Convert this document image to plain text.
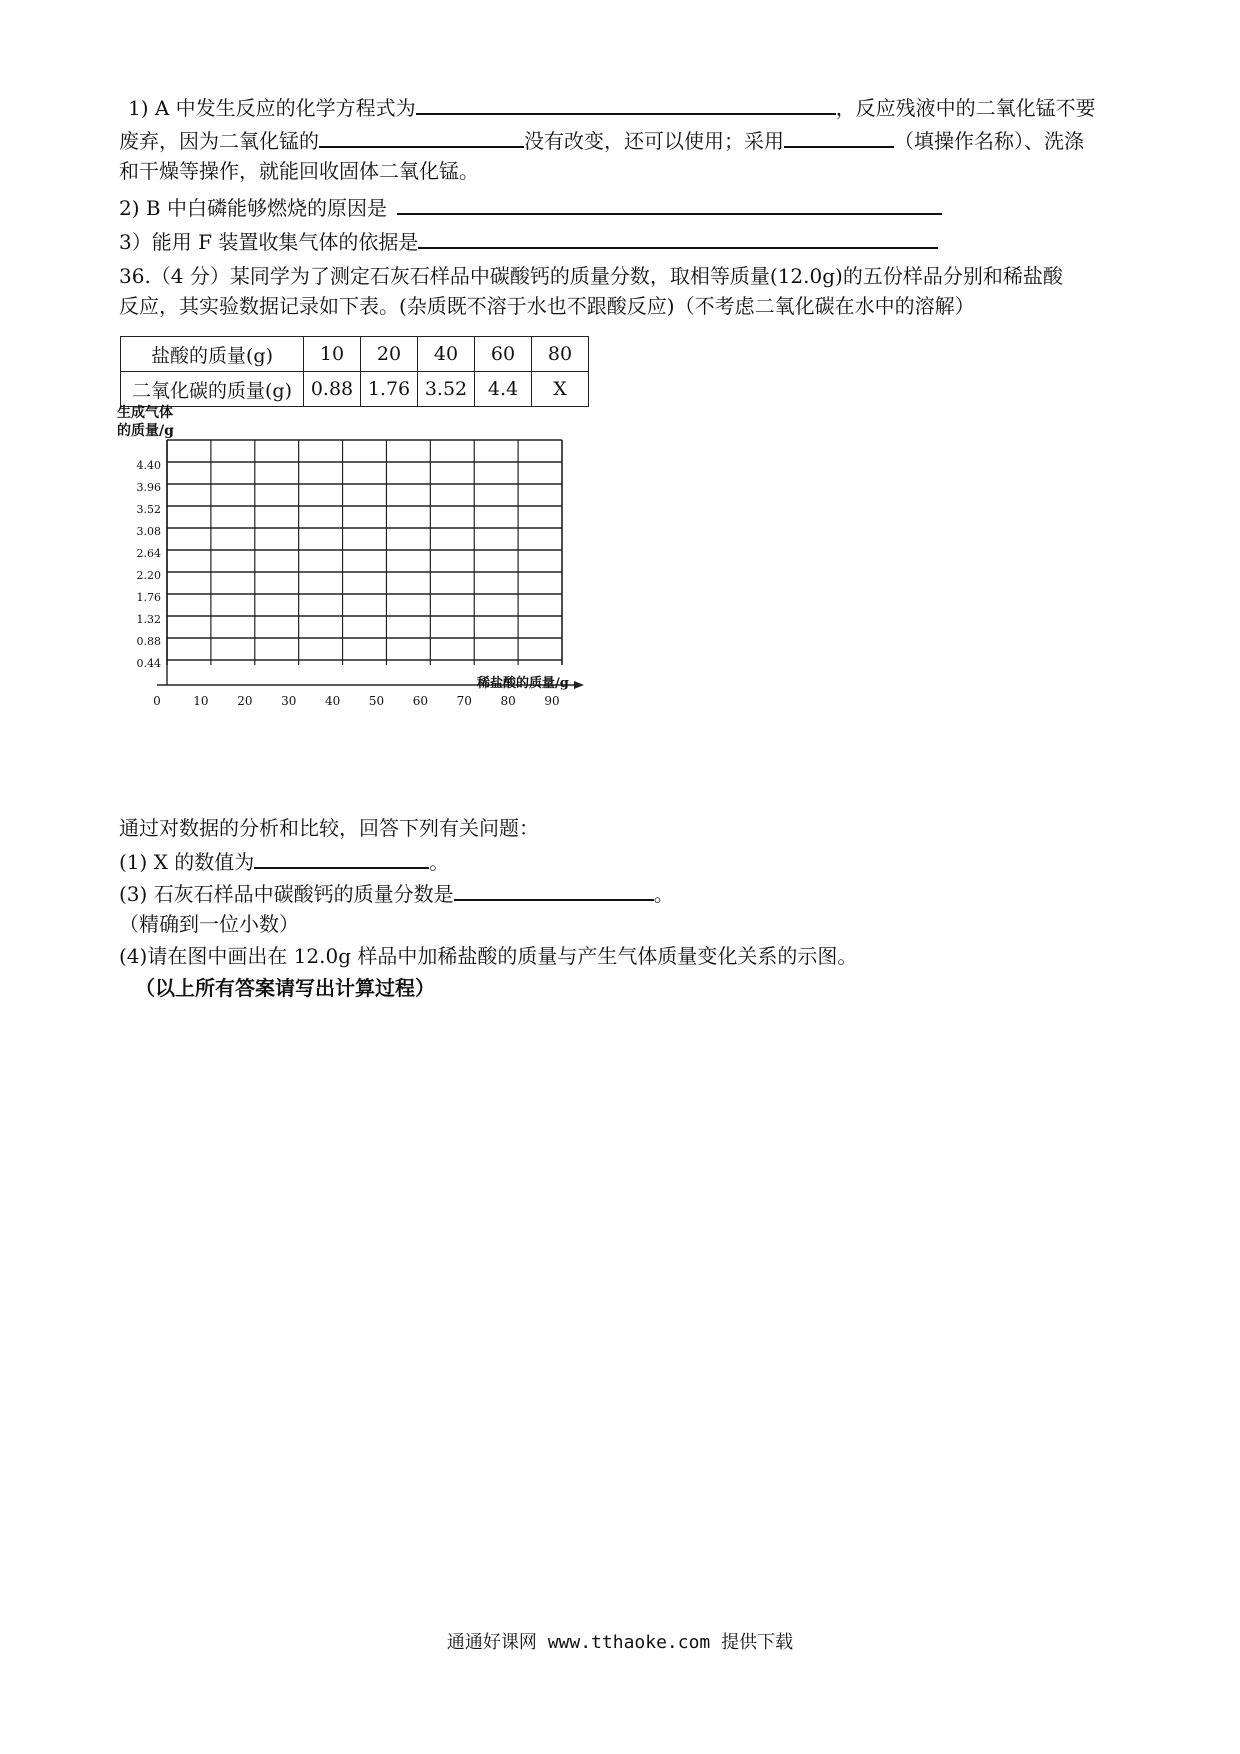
1) A 中发生反应的化学方程式为	，反应残液中的二氧化锰不要
废弃，因为二氧化锰的	没有改变，还可以使用；采用	（填操作名称）、洗涤
和干燥等操作，就能回收固体二氧化锰。
2) B 中白磷能够燃烧的原因是
3）能用 F 装置收集气体的依据是
36.（4 分）某同学为了测定石灰石样品中碳酸钙的质量分数，取相等质量(12.0g)的五份样品分别和稀盐酸
反应，其实验数据记录如下表。(杂质既不溶于水也不跟酸反应)（不考虑二氧化碳在水中的溶解）
盐酸的质量(g)	10	20	40	60	80
二氧化碳的质量(g)	0.88	1.76	3.52	4.4	X
0	10 20 30 40 50 60 70 80 90
0.44
0.88
1.32
1.76
2.20
2.64
3.08
3.52
3.96
4.40
生成气体
的质量/g
稀盐酸的质量/g
通过对数据的分析和比较，回答下列有关问题：
(1) X 的数值为	。
(3) 石灰石样品中碳酸钙的质量分数是	。
（精确到一位小数）
(4)请在图中画出在 12.0g 样品中加稀盐酸的质量与产生气体质量变化关系的示图。
（以上所有答案请写出计算过程）
通通好课网 www.tthaoke.com 提供下载
